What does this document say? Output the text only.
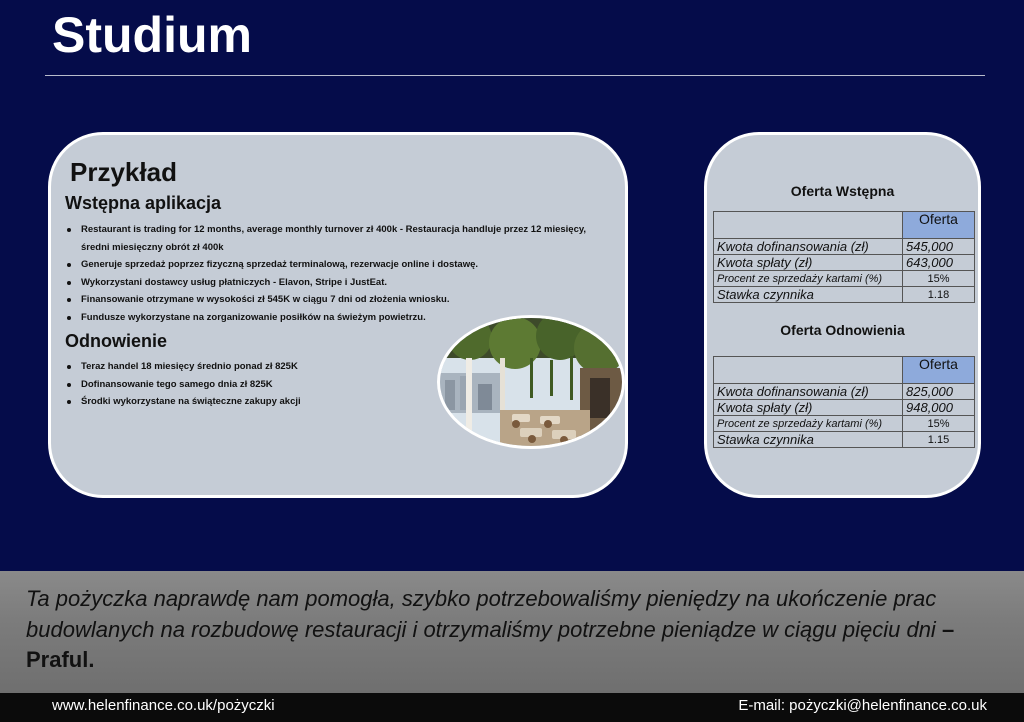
Studium
Przykład
Wstępna aplikacja
Restaurant is trading for 12 months, average monthly turnover zł 400k - Restauracja handluje przez 12 miesięcy, średni miesięczny obrót zł 400k
Generuje sprzedaż poprzez fizyczną sprzedaż terminalową, rezerwacje online i dostawę.
Wykorzystani dostawcy usług płatniczych - Elavon, Stripe i JustEat.
Finansowanie otrzymane w wysokości zł 545K w ciągu 7 dni od złożenia wniosku.
Fundusze wykorzystane na zorganizowanie posiłków na świeżym powietrzu.
Odnowienie
Teraz handel 18 miesięcy średnio ponad zł 825K
Dofinansowanie tego samego dnia zł 825K
Środki wykorzystane na świąteczne zakupy akcji
Oferta Wstępna
	Oferta
Kwota dofinansowania (zł)	545,000
Kwota spłaty (zł)	643,000
Procent ze sprzedaży kartami (%)	15%
Stawka czynnika	1.18
Oferta Odnowienia
	Oferta
Kwota dofinansowania (zł)	825,000
Kwota spłaty (zł)	948,000
Procent ze sprzedaży kartami (%)	15%
Stawka czynnika	1.15
Ta pożyczka naprawdę nam pomogła, szybko potrzebowaliśmy pieniędzy na ukończenie prac budowlanych na rozbudowę restauracji i otrzymaliśmy potrzebne pieniądze w ciągu pięciu dni – Praful.
www.helenfinance.co.uk/pożyczki	E-mail: pożyczki@helenfinance.co.uk
